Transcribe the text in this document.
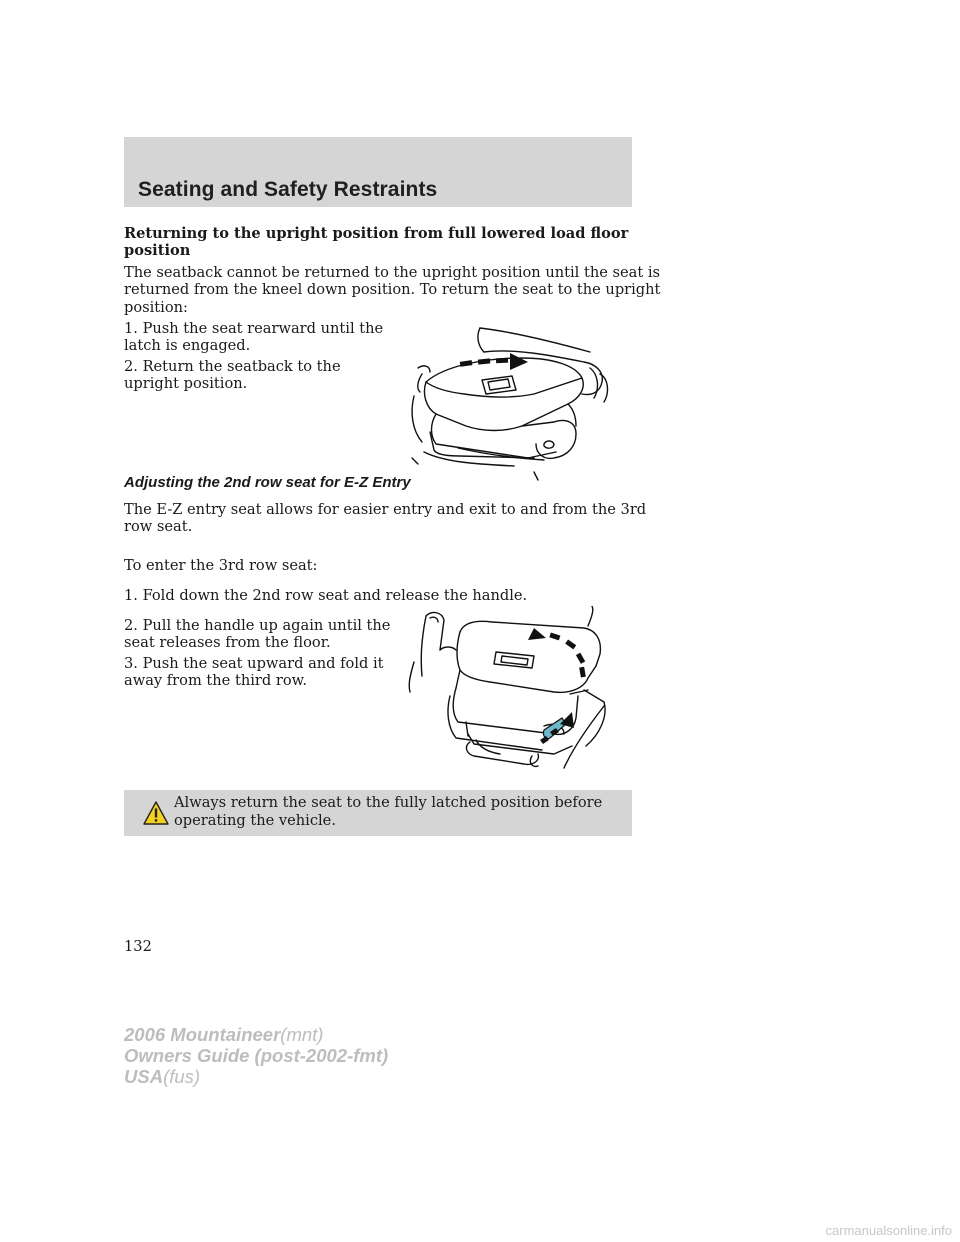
Seating and Safety Restraints
Returning to the upright position from full lowered load floor
position
The seatback cannot be returned to the upright position until the seat is
returned from the kneel down position. To return the seat to the upright
position:
1. Push the seat rearward until the
latch is engaged.
2. Return the seatback to the
upright position.
Adjusting the 2nd row seat for E-Z Entry
The E-Z entry seat allows for easier entry and exit to and from the 3rd
row seat.
To enter the 3rd row seat:
1. Fold down the 2nd row seat and release the handle.
2. Pull the handle up again until the
seat releases from the floor.
3. Push the seat upward and fold it
away from the third row.
Always return the seat to the fully latched position before
operating the vehicle.
132
2006 Mountaineer(mnt)
Owners Guide (post-2002-fmt)
USA(fus)
carmanualsonline.info
